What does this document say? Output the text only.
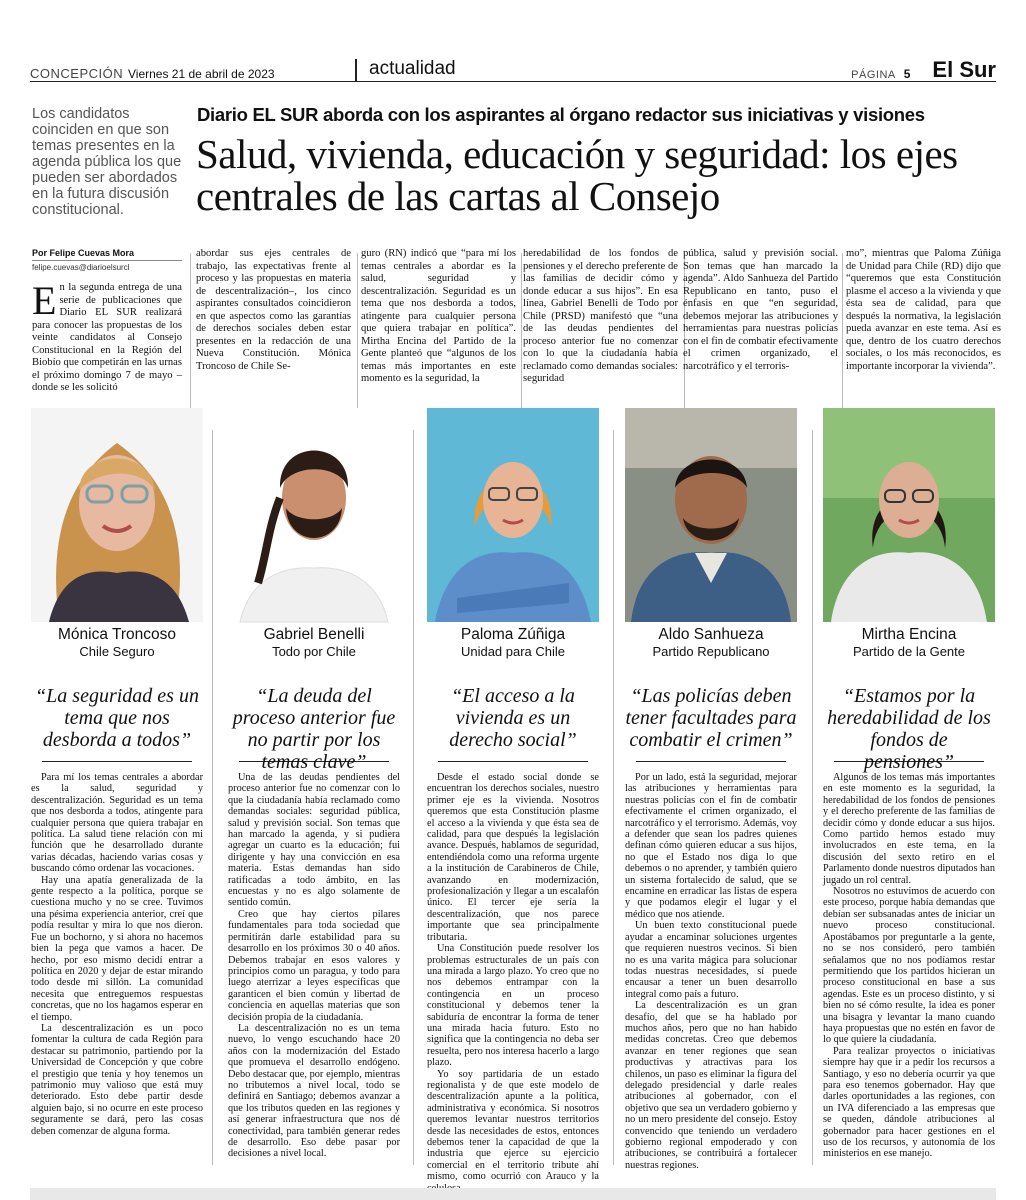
CONCEPCIÓN Viernes 21 de abril de 2023	actualidad	PÁGINA 5 El Sur
Los candidatos coinciden en que son temas presentes en la agenda pública los que pueden ser abordados en la futura discusión constitucional.
Por Felipe Cuevas Mora
felipe.cuevas@diarioelsurcl
Diario EL SUR aborda con los aspirantes al órgano redactor sus iniciativas y visiones
Salud, vivienda, educación y seguridad: los ejes centrales de las cartas al Consejo
En la segunda entrega de una serie de publicaciones que Diario EL SUR realizará para conocer las propuestas de los veinte candidatos al Consejo Constitucional en la Región del Biobío que competirán en las urnas el próximo domingo 7 de mayo –donde se les solicitó
abordar sus ejes centrales de trabajo, las expectativas frente al proceso y las propuestas en materia de descentralización–, los cinco aspirantes consultados coincidieron en que aspectos como las garantías de derechos sociales deben estar presentes en la redacción de una Nueva Constitución. Mónica Troncoso de Chile Se-
guro (RN) indicó que “para mí los temas centrales a abordar es la salud, seguridad y descentralización. Seguridad es un tema que nos desborda a todos, atingente para cualquier persona que quiera trabajar en política”. Mirtha Encina del Partido de la Gente planteó que “algunos de los temas más importantes en este momento es la seguridad, la
heredabilidad de los fondos de pensiones y el derecho preferente de las familias de decidir cómo y donde educar a sus hijos”. En esa línea, Gabriel Benelli de Todo por Chile (PRSD) manifestó que “una de las deudas pendientes del proceso anterior fue no comenzar con lo que la ciudadanía había reclamado como demandas sociales: seguridad
pública, salud y previsión social. Son temas que han marcado la agenda”. Aldo Sanhueza del Partido Republicano en tanto, puso el énfasis en que “en seguridad, debemos mejorar las atribuciones y herramientas para nuestras policías con el fin de combatir efectivamente el crimen organizado, el narcotráfico y el terroris-
mo”, mientras que Paloma Zúñiga de Unidad para Chile (RD) dijo que “queremos que esta Constitución plasme el acceso a la vivienda y que ésta sea de calidad, para que después la normativa, la legislación pueda avanzar en este tema. Así es que, dentro de los cuatro derechos sociales, o los más reconocidos, es importante incorporar la vivienda”.
Mónica Troncoso
Chile Seguro
“La seguridad es un tema que nos desborda a todos”

Para mí los temas centrales a abordar es la salud, seguridad y descentralización. Seguridad es un tema que nos desborda a todos, atingente para cualquier persona que quiera trabajar en política. La salud tiene relación con mi función que he desarrollado durante varias décadas, haciendo varias cosas y buscando cómo ordenar las vocaciones.

Hay una apatía generalizada de la gente respecto a la política, porque se cuestiona mucho y no se cree. Tuvimos una pésima experiencia anterior, creí que podía resultar y mira lo que nos dieron. Fue un bochorno, y si ahora no hacemos bien la pega que vamos a hacer. De hecho, por eso mismo decidí entrar a política en 2020 y dejar de estar mirando todo desde mi sillón. La comunidad necesita que entreguemos respuestas concretas, que no los hagamos esperar en el tiempo.

La descentralización es un poco fomentar la cultura de cada Región para destacar su patrimonio, partiendo por la Universidad de Concepción y que cobre el prestigio que tenía y hoy tenemos un patrimonio muy valioso que está muy deteriorado. Esto debe partir desde alguien bajo, si no ocurre en este proceso seguramente se dará, pero las cosas deben comenzar de alguna forma.

Gabriel Benelli
Todo por Chile
“La deuda del proceso anterior fue no partir por los temas clave”

Una de las deudas pendientes del proceso anterior fue no comenzar con lo que la ciudadanía había reclamado como demandas sociales: seguridad pública, salud y previsión social. Son temas que han marcado la agenda, y si pudiera agregar un cuarto es la educación; fui dirigente y hay una convicción en esa materia. Estas demandas han sido ratificadas a todo ámbito, en las encuestas y no es algo solamente de sentido común.

Creo que hay ciertos pilares fundamentales para toda sociedad que permitirán darle estabilidad para su desarrollo en los próximos 30 o 40 años. Debemos trabajar en esos valores y principios como un paragua, y todo para luego aterrizar a leyes específicas que garanticen el bien común y libertad de conciencia en aquellas materias que son decisión propia de la ciudadanía.

La descentralización no es un tema nuevo, lo vengo escuchando hace 20 años con la modernización del Estado que promueva el desarrollo endógeno. Debo destacar que, por ejemplo, mientras no tributemos a nivel local, todo se definirá en Santiago; debemos avanzar a que los tributos queden en las regiones y así generar infraestructura que nos dé conectividad, para también generar redes de desarrollo. Eso debe pasar por decisiones a nivel local.

Paloma Zúñiga
Unidad para Chile
“El acceso a la vivienda es un derecho social”

Desde el estado social donde se encuentran los derechos sociales, nuestro primer eje es la vivienda. Nosotros queremos que esta Constitución plasme el acceso a la vivienda y que ésta sea de calidad, para que después la legislación avance. Después, hablamos de seguridad, entendiéndola como una reforma urgente a la institución de Carabineros de Chile, avanzando en modernización, profesionalización y llegar a un escalafón único. El tercer eje sería la descentralización, que nos parece importante que sea principalmente tributaria.

Una Constitución puede resolver los problemas estructurales de un país con una mirada a largo plazo. Yo creo que no nos debemos entrampar con la contingencia en un proceso constitucional y debemos tener la sabiduría de encontrar la forma de tener una mirada hacia futuro. Esto no significa que la contingencia no deba ser resuelta, pero nos interesa hacerlo a largo plazo.

Yo soy partidaria de un estado regionalista y de que este modelo de descentralización apunte a la política, administrativa y económica. Si nosotros queremos levantar nuestros territorios desde las necesidades de estos, entonces debemos tener la capacidad de que la industria que ejerce su ejercicio comercial en el territorio tribute ahí mismo, como ocurrió con Arauco y la

Aldo Sanhueza
Partido Republicano
“Las policías deben tener facultades para combatir el crimen”

Por un lado, está la seguridad, mejorar las atribuciones y herramientas para nuestras policías con el fin de combatir efectivamente el crimen organizado, el narcotráfico y el terrorismo. Además, voy a defender que sean los padres quienes definan cómo quieren educar a sus hijos, no que el Estado nos diga lo que debemos o no aprender, y también quiero un sistema fortalecido de salud, que se encamine en erradicar las listas de espera y que podamos elegir el lugar y el médico que nos atiende.

Un buen texto constitucional puede ayudar a encaminar soluciones urgentes que requieren nuestros vecinos. Si bien no es una varita mágica para solucionar todas nuestras necesidades, sí puede encausar a tener un buen desarrollo integral como país a futuro.

La descentralización es un gran desafío, del que se ha hablado por muchos años, pero que no han habido medidas concretas. Creo que debemos avanzar en tener regiones que sean productivas y atractivas para los chilenos, un paso es eliminar la figura del delegado presidencial y darle reales atribuciones al gobernador, con el objetivo que sea un verdadero gobierno y no un mero presidente del consejo. Estoy convencido que teniendo un verdadero gobierno regional empoderado y con atribuciones, se contribuirá a fortalecer nuestras regiones.

Mirtha Encina
Partido de la Gente
“Estamos por la heredabilidad de los fondos de pensiones”

Algunos de los temas más importantes en este momento es la seguridad, la heredabilidad de los fondos de pensiones y el derecho preferente de las familias de decidir cómo y donde educar a sus hijos. Como partido hemos estado muy involucrados en este tema, en la discusión del sexto retiro en el Parlamento donde nuestros diputados han jugado un rol central.

Nosotros no estuvimos de acuerdo con este proceso, porque había demandas que debían ser subsanadas antes de iniciar un nuevo proceso constitucional. Apostábamos por preguntarle a la gente, no se nos consideró, pero también señalamos que no nos podíamos restar permitiendo que los partidos hicieran un proceso constitucional en base a sus agendas. Este es un proceso distinto, y si bien no sé cómo resulte, la idea es poner una bisagra y levantar la mano cuando haya propuestas que no estén en favor de lo que quiere la ciudadanía.

Para realizar proyectos o iniciativas siempre hay que ir a pedir los recursos a Santiago, y eso no debería ocurrir ya que para eso tenemos gobernador. Hay que darles oportunidades a las regiones, con un IVA diferenciado a las empresas que se queden, dándole atribuciones al gobernador para hacer gestiones en el uso de los recursos, y autonomía de los ministerios en ese manejo.
